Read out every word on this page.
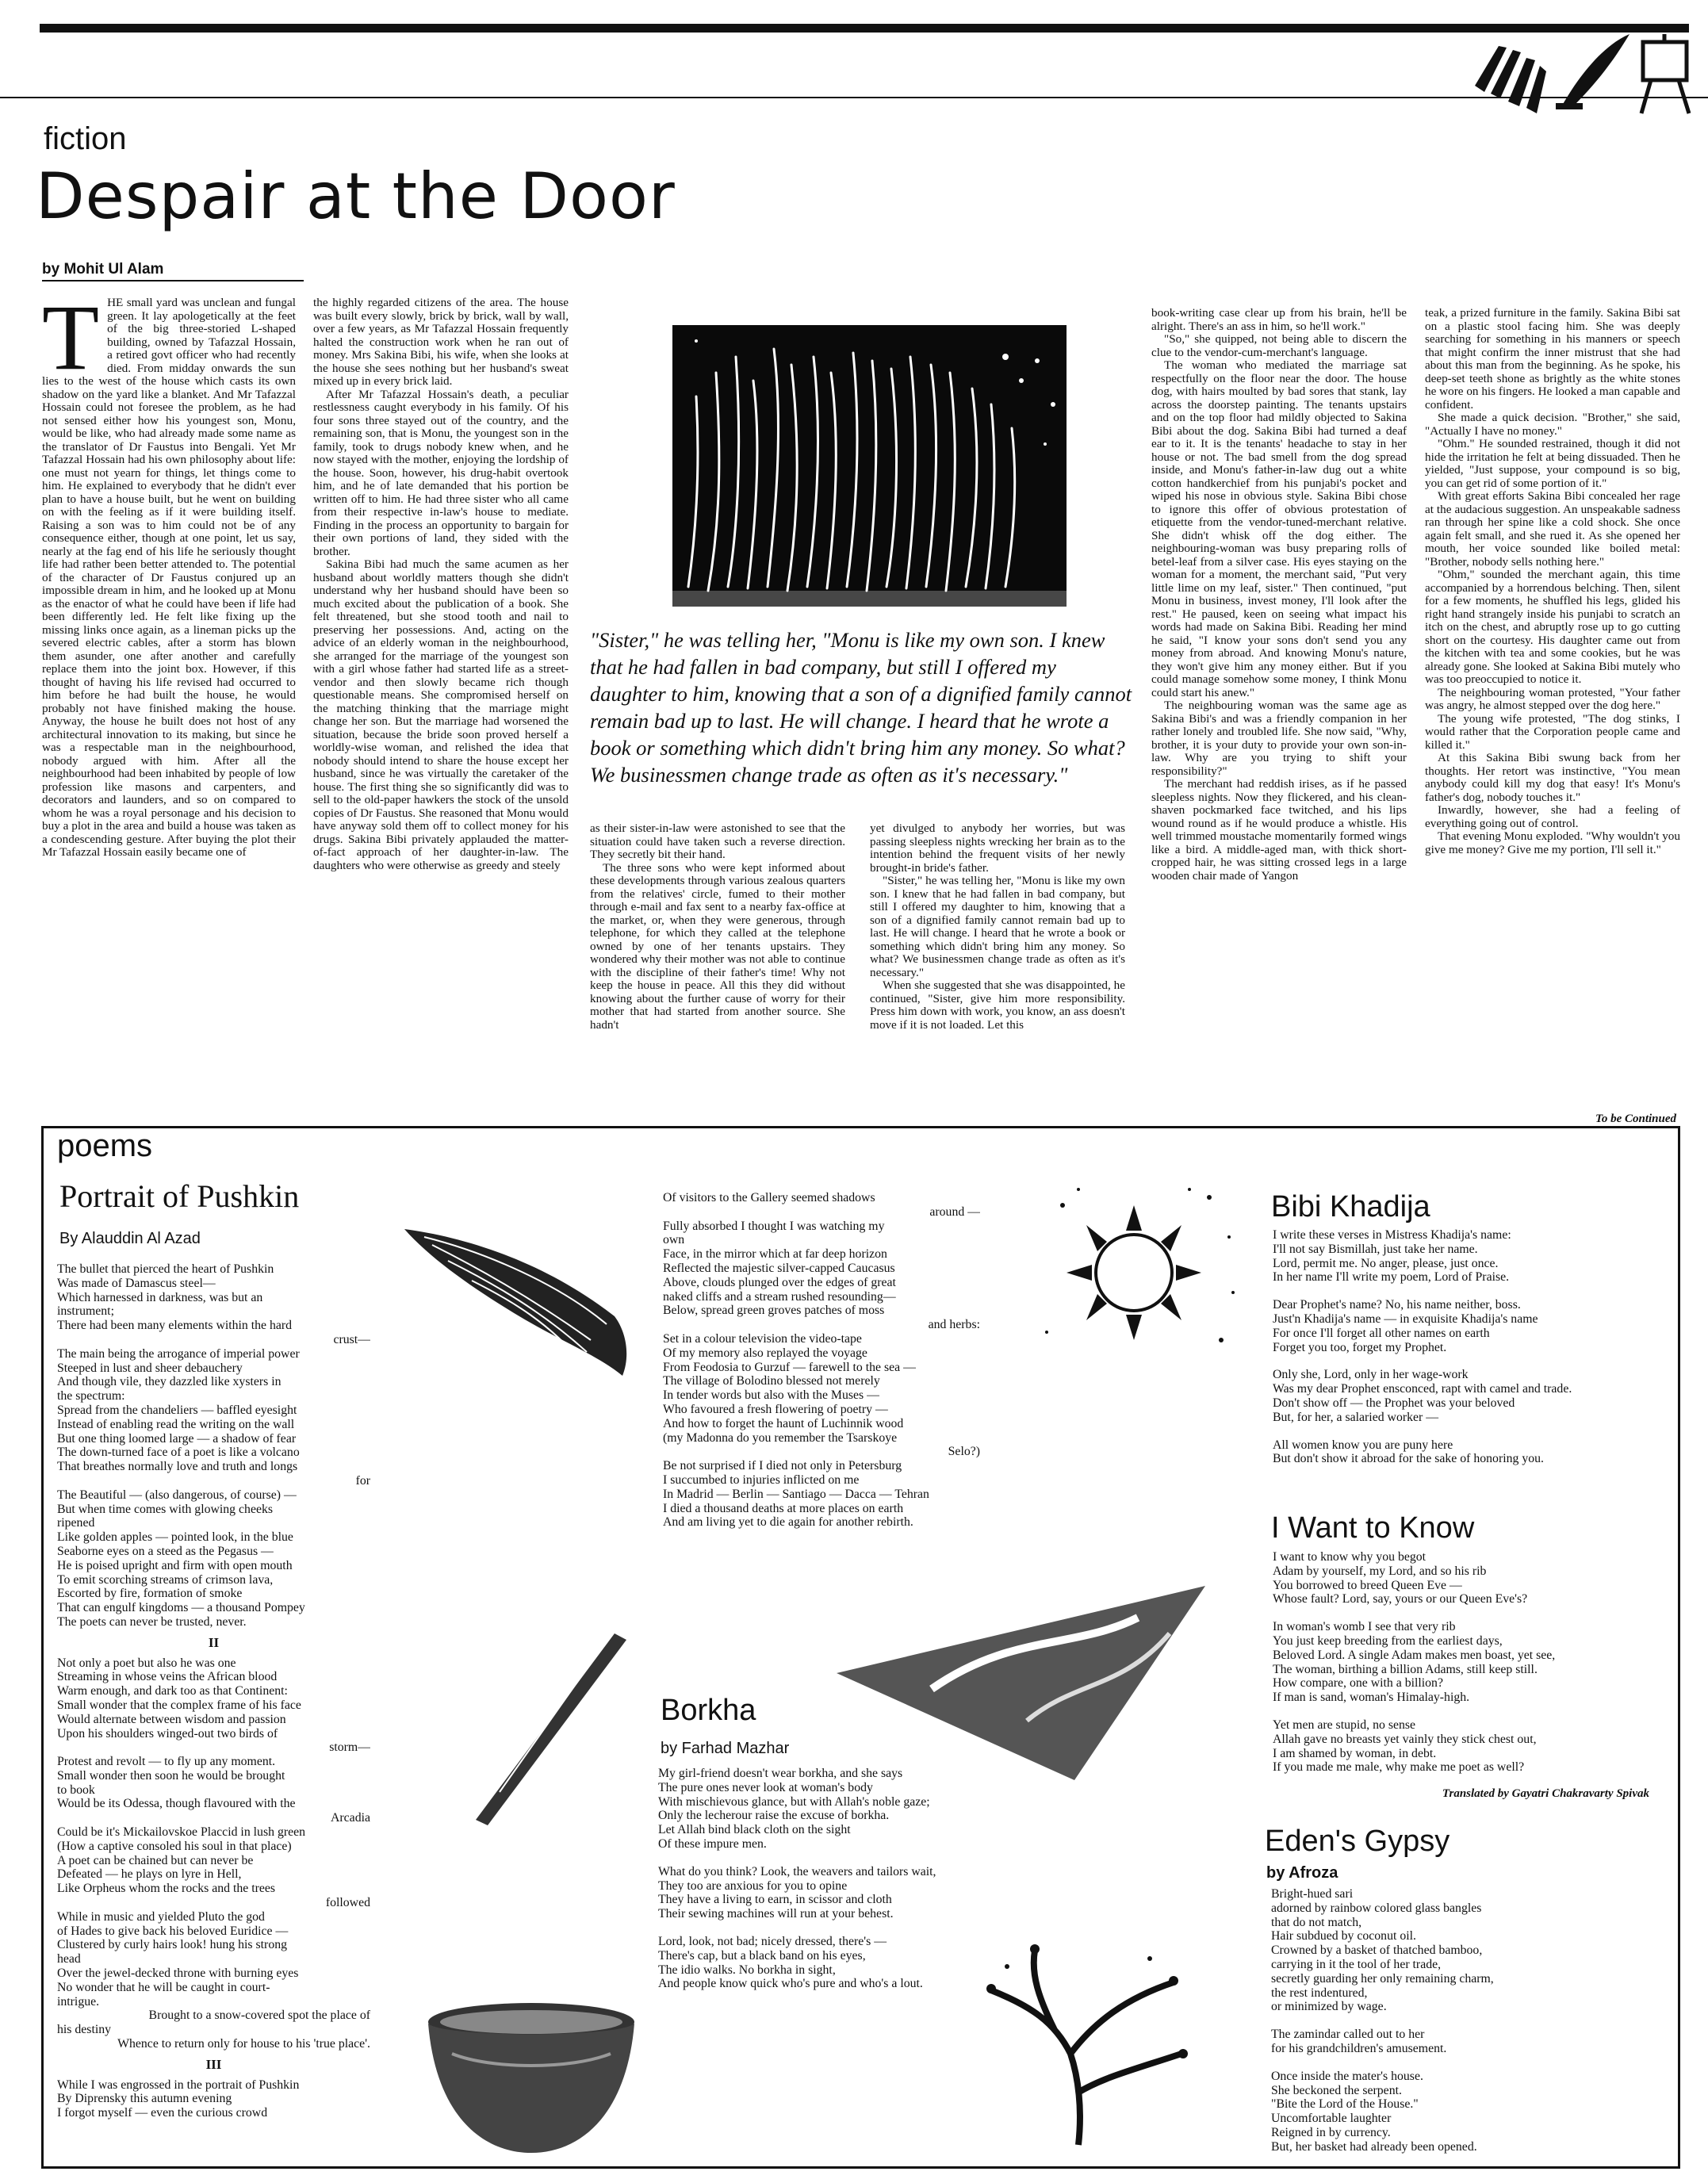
fiction
Despair at the Door
by Mohit Ul Alam
T HE small yard was unclean and fungal green. It lay apologetically at the feet of the big three-storied L-shaped building, owned by Tafazzal Hossain, a retired govt officer who had recently died. From midday onwards the sun lies to the west of the house which casts its own shadow on the yard like a blanket. And Mr Tafazzal Hossain could not foresee the problem, as he had not sensed either how his youngest son, Monu, would be like, who had already made some name as the translator of Dr Faustus into Bengali. Yet Mr Tafazzal Hossain had his own philosophy about life: one must not yearn for things, let things come to him. He explained to everybody that he didn't ever plan to have a house built, but he went on building on with the feeling as if it were building itself. Raising a son was to him could not be of any consequence either, though at one point, let us say, nearly at the fag end of his life he seriously thought life had rather been better attended to. The potential of the character of Dr Faustus conjured up an impossible dream in him, and he looked up at Monu as the enactor of what he could have been if life had been differently led. He felt like fixing up the missing links once again, as a lineman picks up the severed electric cables, after a storm has blown them asunder, one after another and carefully replace them into the joint box. However, if this thought of having his life revised had occurred to him before he had built the house, he would probably not have finished making the house. Anyway, the house he built does not host of any architectural innovation to its making, but since he was a respectable man in the neighbourhood, nobody argued with him. After all the neighbourhood had been inhabited by people of low profession like masons and carpenters, and decorators and launders, and so on compared to whom he was a royal personage and his decision to buy a plot in the area and build a house was taken as a condescending gesture. After buying the plot their Mr Tafazzal Hossain easily became one of

the highly regarded citizens of the area. The house was built every slowly, brick by brick, wall by wall, over a few years, as Mr Tafazzal Hossain frequently halted the construction work when he ran out of money. Mrs Sakina Bibi, his wife, when she looks at the house she sees nothing but her husband's sweat mixed up in every brick laid.

After Mr Tafazzal Hossain's death, a peculiar restlessness caught everybody in his family. Of his four sons three stayed out of the country, and the remaining son, that is Monu, the youngest son in the family, took to drugs nobody knew when, and he now stayed with the mother, enjoying the lordship of the house. Soon, however, his drug-habit overtook him, and he of late demanded that his portion be written off to him. He had three sister who all came from their respective in-law's house to mediate. Finding in the process an opportunity to bargain for their own portions of land, they sided with the brother.

Sakina Bibi had much the same acumen as her husband about worldly matters though she didn't understand why her husband should have been so much excited about the publication of a book. She felt threatened, but she stood tooth and nail to preserving her possessions. And, acting on the advice of an elderly woman in the neighbourhood, she arranged for the marriage of the youngest son with a girl whose father had started life as a street-vendor and then slowly became rich though questionable means. She compromised herself on the matching thinking that the marriage might change her son. But the marriage had worsened the situation, because the bride soon proved herself a worldly-wise woman, and relished the idea that nobody should intend to share the house except her husband, since he was virtually the caretaker of the house. The first thing she so significantly did was to sell to the old-paper hawkers the stock of the unsold copies of Dr Faustus. She reasoned that Monu would have anyway sold them off to collect money for his drugs. Sakina Bibi privately applauded the matter-of-fact approach of her daughter-in-law. The daughters who were otherwise as greedy and steely

"Sister," he was telling her, "Monu is like my own son. I knew that he had fallen in bad company, but still I offered my daughter to him, knowing that a son of a dignified family cannot remain bad up to last. He will change. I heard that he wrote a book or something which didn't bring him any money. So what? We businessmen change trade as often as it's necessary."

as their sister-in-law were astonished to see that the situation could have taken such a reverse direction. They secretly bit their hand.

The three sons who were kept informed about these developments through various zealous quarters from the relatives' circle, fumed to their mother through e-mail and fax sent to a nearby fax-office at the market, or, when they were generous, through telephone, for which they called at the telephone owned by one of her tenants upstairs. They wondered why their mother was not able to continue with the discipline of their father's time! Why not keep the house in peace. All this they did without knowing about the further cause of worry for their mother that had started from another source. She hadn't

yet divulged to anybody her worries, but was passing sleepless nights wrecking her brain as to the intention behind the frequent visits of her newly brought-in bride's father.

"Sister," he was telling her, "Monu is like my own son. I knew that he had fallen in bad company, but still I offered my daughter to him, knowing that a son of a dignified family cannot remain bad up to last. He will change. I heard that he wrote a book or something which didn't bring him any money. So what? We businessmen change trade as often as it's necessary."

When she suggested that she was disappointed, he continued, "Sister, give him more responsibility. Press him down with work, you know, an ass doesn't move if it is not loaded. Let this

book-writing case clear up from his brain, he'll be alright. There's an ass in him, so he'll work."

"So," she quipped, not being able to discern the clue to the vendor-cum-merchant's language.

The woman who mediated the marriage sat respectfully on the floor near the door. The house dog, with hairs moulted by bad sores that stank, lay across the doorstep painting. The tenants upstairs and on the top floor had mildly objected to Sakina Bibi about the dog. Sakina Bibi had turned a deaf ear to it. It is the tenants' headache to stay in her house or not. The bad smell from the dog spread inside, and Monu's father-in-law dug out a white cotton handkerchief from his punjabi's pocket and wiped his nose in obvious style. Sakina Bibi chose to ignore this offer of obvious protestation of etiquette from the vendor-tuned-merchant relative. She didn't whisk off the dog either. The neighbouring-woman was busy preparing rolls of betel-leaf from a silver case. His eyes staying on the woman for a moment, the merchant said, "Put very little lime on my leaf, sister." Then continued, "put Monu in business, invest money, I'll look after the rest." He paused, keen on seeing what impact his words had made on Sakina Bibi. Reading her mind he said, "I know your sons don't send you any money from abroad. And knowing Monu's nature, they won't give him any money either. But if you could manage somehow some money, I think Monu could start his anew."

The neighbouring woman was the same age as Sakina Bibi's and was a friendly companion in her rather lonely and troubled life. She now said, "Why, brother, it is your duty to provide your own son-in-law. Why are you trying to shift your responsibility?"

The merchant had reddish irises, as if he passed sleepless nights. Now they flickered, and his clean-shaven pockmarked face twitched, and his lips wound round as if he would produce a whistle. His well trimmed moustache momentarily formed wings like a bird. A middle-aged man, with thick short-cropped hair, he was sitting crossed legs in a large wooden chair made of Yangon

teak, a prized furniture in the family. Sakina Bibi sat on a plastic stool facing him. She was deeply searching for something in his manners or speech that might confirm the inner mistrust that she had about this man from the beginning. As he spoke, his deep-set teeth shone as brightly as the white stones he wore on his fingers. He looked a man capable and confident.

She made a quick decision. "Brother," she said, "Actually I have no money."

"Ohm." He sounded restrained, though it did not hide the irritation he felt at being dissuaded. Then he yielded, "Just suppose, your compound is so big, you can get rid of some portion of it."

With great efforts Sakina Bibi concealed her rage at the audacious suggestion. An unspeakable sadness ran through her spine like a cold shock. She once again felt small, and she rued it. As she opened her mouth, her voice sounded like boiled metal: "Brother, nobody sells nothing here."

"Ohm," sounded the merchant again, this time accompanied by a horrendous belching. Then, silent for a few moments, he shuffled his legs, glided his right hand strangely inside his punjabi to scratch an itch on the chest, and abruptly rose up to go cutting short on the courtesy. His daughter came out from the kitchen with tea and some cookies, but he was already gone. She looked at Sakina Bibi mutely who was too preoccupied to notice it.

The neighbouring woman protested, "Your father was angry, he almost stepped over the dog here."

The young wife protested, "The dog stinks, I would rather that the Corporation people came and killed it."

At this Sakina Bibi swung back from her thoughts. Her retort was instinctive, "You mean anybody could kill my dog that easy! It's Monu's father's dog, nobody touches it."

Inwardly, however, she had a feeling of everything going out of control.

That evening Monu exploded. "Why wouldn't you give me money? Give me my portion, I'll sell it."

To be Continued
poems
Portrait of Pushkin
By Alauddin Al Azad
The bullet that pierced the heart of Pushkin
Was made of Damascus steel—
Which harnessed in darkness, was but an
instrument;
There had been many elements within the hard
crust—
The main being the arrogance of imperial power
Steeped in lust and sheer debauchery
And though vile, they dazzled like xysters in
the spectrum:
Spread from the chandeliers — baffled eyesight
Instead of enabling read the writing on the wall
But one thing loomed large — a shadow of fear
The down-turned face of a poet is like a volcano
That breathes normally love and truth and longs
for
The Beautiful — (also dangerous, of course) —
But when time comes with glowing cheeks
ripened
Like golden apples — pointed look, in the blue
Seaborne eyes on a steed as the Pegasus —
He is poised upright and firm with open mouth
To emit scorching streams of crimson lava,
Escorted by fire, formation of smoke
That can engulf kingdoms — a thousand Pompey
The poets can never be trusted, never.
II
Not only a poet but also he was one
Streaming in whose veins the African blood
Warm enough, and dark too as that Continent:
Small wonder that the complex frame of his face
Would alternate between wisdom and passion
Upon his shoulders winged-out two birds of
storm—
Protest and revolt — to fly up any moment.
Small wonder then soon he would be brought
to book
Would be its Odessa, though flavoured with the
Arcadia
Could be it's Mickailovskoe Placcid in lush green
(How a captive consoled his soul in that place)
A poet can be chained but can never be
Defeated — he plays on lyre in Hell,
Like Orpheus whom the rocks and the trees
followed
While in music and yielded Pluto the god
of Hades to give back his beloved Euridice —
Clustered by curly hairs look! hung his strong
head
Over the jewel-decked throne with burning eyes
No wonder that he will be caught in court-
intrigue.
Brought to a snow-covered spot the place of
his destiny
Whence to return only for house to his 'true place'.
III
While I was engrossed in the portrait of Pushkin
By Diprensky this autumn evening
I forgot myself — even the curious crowd
Of visitors to the Gallery seemed shadows
around —
Fully absorbed I thought I was watching my
own
Face, in the mirror which at far deep horizon
Reflected the majestic silver-capped Caucasus
Above, clouds plunged over the edges of great
naked cliffs and a stream rushed resounding—
Below, spread green groves patches of moss
and herbs:
Set in a colour television the video-tape
Of my memory also replayed the voyage
From Feodosia to Gurzuf — farewell to the sea —
The village of Bolodino blessed not merely
In tender words but also with the Muses —
Who favoured a fresh flowering of poetry —
And how to forget the haunt of Luchinnik wood
(my Madonna do you remember the Tsarskoye
Selo?)
Be not surprised if I died not only in Petersburg
I succumbed to injuries inflicted on me
In Madrid — Berlin — Santiago — Dacca — Tehran
I died a thousand deaths at more places on earth
And am living yet to die again for another rebirth.
Borkha
by Farhad Mazhar
My girl-friend doesn't wear borkha, and she says
The pure ones never look at woman's body
With mischievous glance, but with Allah's noble gaze;
Only the lecherour raise the excuse of borkha.
Let Allah bind black cloth on the sight
Of these impure men.
What do you think? Look, the weavers and tailors wait,
They too are anxious for you to opine
They have a living to earn, in scissor and cloth
Their sewing machines will run at your behest.
Lord, look, not bad; nicely dressed, there's —
There's cap, but a black band on his eyes,
The idio walks. No borkha in sight,
And people know quick who's pure and who's a lout.
Bibi Khadija
I write these verses in Mistress Khadija's name:
I'll not say Bismillah, just take her name.
Lord, permit me. No anger, please, just once.
In her name I'll write my poem, Lord of Praise.
Dear Prophet's name? No, his name neither, boss.
Just'n Khadija's name — in exquisite Khadija's name
For once I'll forget all other names on earth
Forget you too, forget my Prophet.
Only she, Lord, only in her wage-work
Was my dear Prophet ensconced, rapt with camel and trade.
Don't show off — the Prophet was your beloved
But, for her, a salaried worker —
All women know you are puny here
But don't show it abroad for the sake of honoring you.
I Want to Know
I want to know why you begot
Adam by yourself, my Lord, and so his rib
You borrowed to breed Queen Eve —
Whose fault? Lord, say, yours or our Queen Eve's?
In woman's womb I see that very rib
You just keep breeding from the earliest days,
Beloved Lord. A single Adam makes men boast, yet see,
The woman, birthing a billion Adams, still keep still.
How compare, one with a billion?
If man is sand, woman's Himalay-high.
Yet men are stupid, no sense
Allah gave no breasts yet vainly they stick chest out,
I am shamed by woman, in debt.
If you made me male, why make me poet as well?
Translated by Gayatri Chakravarty Spivak
Eden's Gypsy
by Afroza
Bright-hued sari
adorned by rainbow colored glass bangles
that do not match,
Hair subdued by coconut oil.
Crowned by a basket of thatched bamboo,
carrying in it the tool of her trade,
secretly guarding her only remaining charm,
the rest indentured,
or minimized by wage.
The zamindar called out to her
for his grandchildren's amusement.
Once inside the mater's house.
She beckoned the serpent.
"Bite the Lord of the House."
Uncomfortable laughter
Reigned in by currency.
But, her basket had already been opened.
